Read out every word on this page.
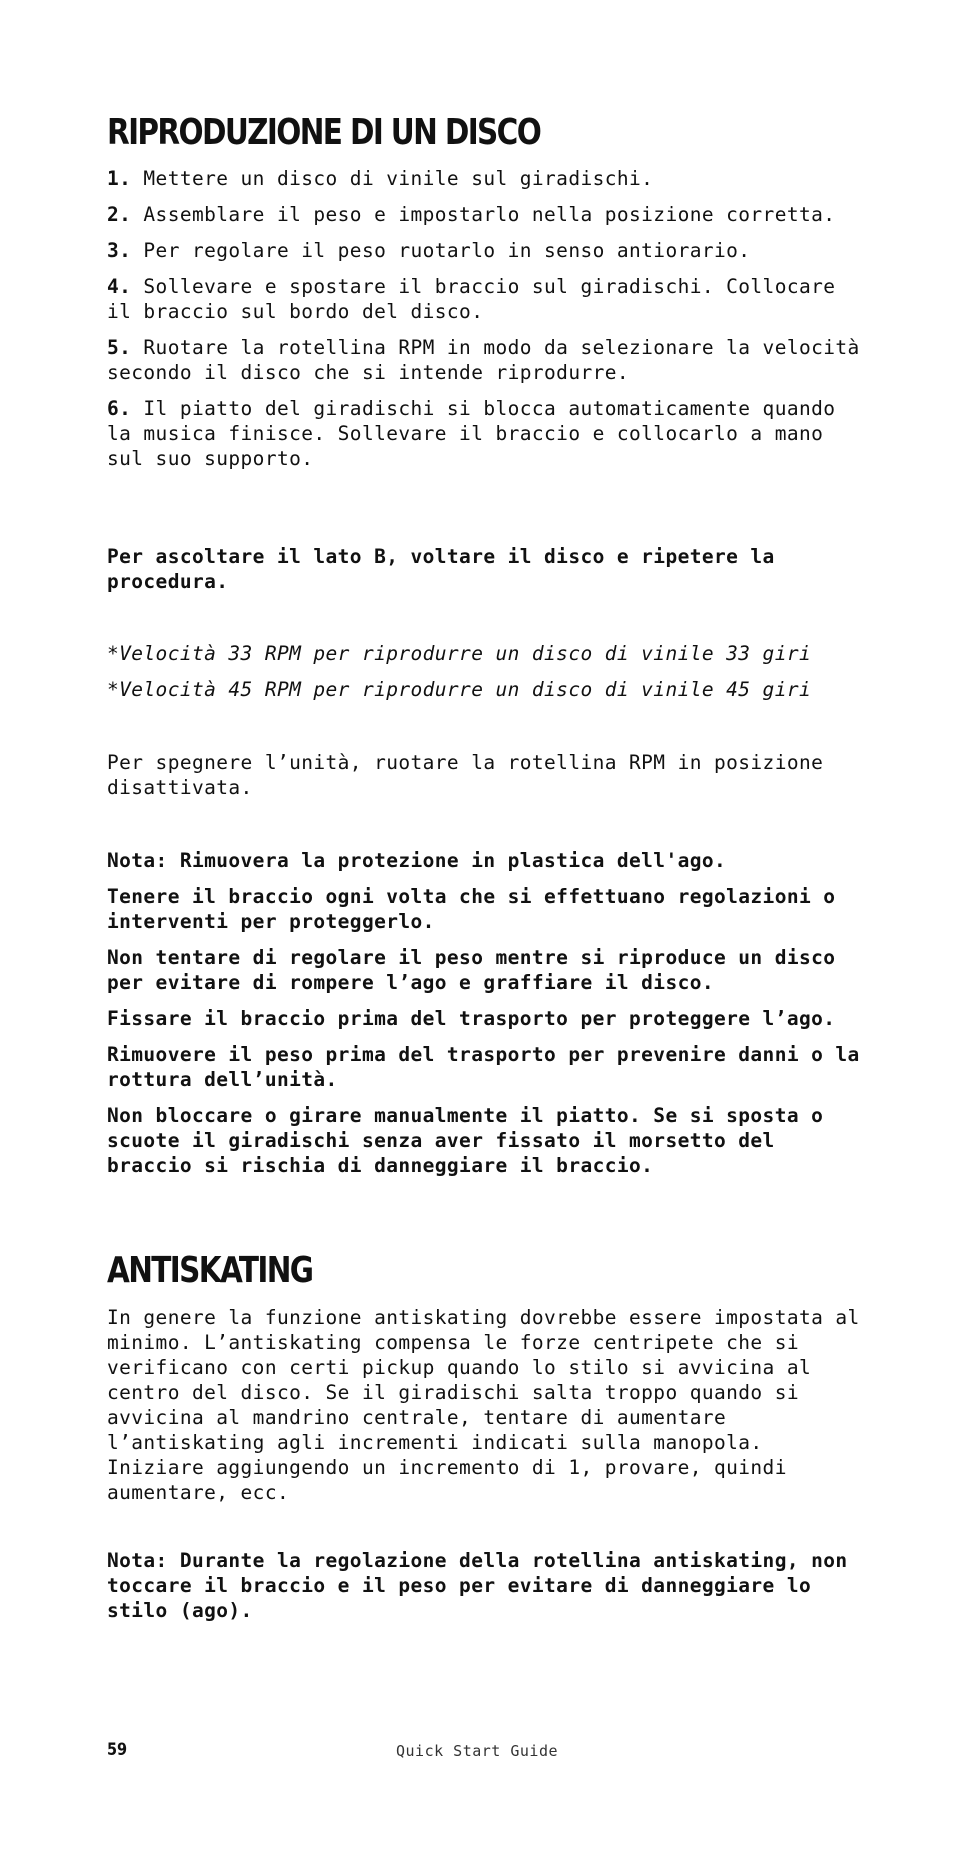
RIPRODUZIONE DI UN DISCO
1. Mettere un disco di vinile sul giradischi.
2. Assemblare il peso e impostarlo nella posizione corretta.
3. Per regolare il peso ruotarlo in senso antiorario.
4. Sollevare e spostare il braccio sul giradischi. Collocare il braccio sul bordo del disco.
5. Ruotare la rotellina RPM in modo da selezionare la velocità secondo il disco che si intende riprodurre.
6. Il piatto del giradischi si blocca automaticamente quando la musica finisce. Sollevare il braccio e collocarlo a mano sul suo supporto.

Per ascoltare il lato B, voltare il disco e ripetere la procedura.

*Velocità 33 RPM per riprodurre un disco di vinile 33 giri

*Velocità 45 RPM per riprodurre un disco di vinile 45 giri

Per spegnere l’unità, ruotare la rotellina RPM in posizione disattivata.

Nota: Rimuovera la protezione in plastica dell'ago.

Tenere il braccio ogni volta che si effettuano regolazioni o interventi per proteggerlo.

Non tentare di regolare il peso mentre si riproduce un disco per evitare di rompere l’ago e graffiare il disco.

Fissare il braccio prima del trasporto per proteggere l’ago.

Rimuovere il peso prima del trasporto per prevenire danni o la rottura dell’unità.

Non bloccare o girare manualmente il piatto. Se si sposta o scuote il giradischi senza aver fissato il morsetto del braccio si rischia di danneggiare il braccio.

ANTISKATING

In genere la funzione antiskating dovrebbe essere impostata al minimo. L’antiskating compensa le forze centripete che si verificano con certi pickup quando lo stilo si avvicina al centro del disco. Se il giradischi salta troppo quando si avvicina al mandrino centrale, tentare di aumentare l’antiskating agli incrementi indicati sulla manopola. Iniziare aggiungendo un incremento di 1, provare, quindi aumentare, ecc.

Nota: Durante la regolazione della rotellina antiskating, non toccare il braccio e il peso per evitare di danneggiare lo stilo (ago).

59	Quick Start Guide
